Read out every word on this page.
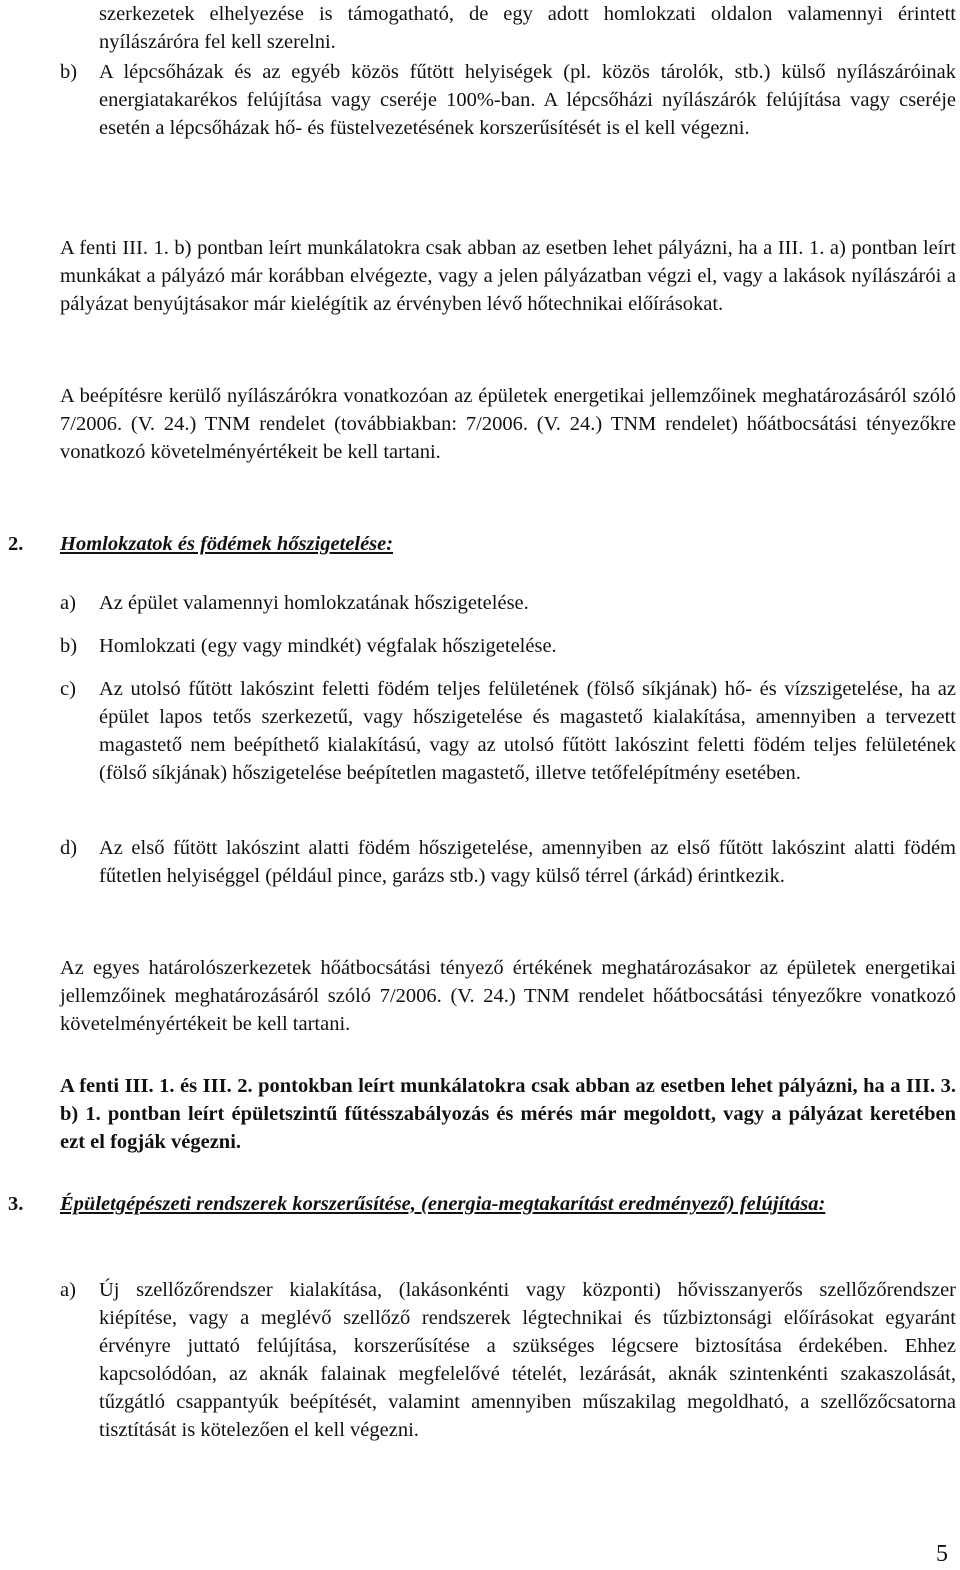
szerkezetek elhelyezése is támogatható, de egy adott homlokzati oldalon valamennyi érintett nyílászáróra fel kell szerelni.

b) A lépcsőházak és az egyéb közös fűtött helyiségek (pl. közös tárolók, stb.) külső nyílászáróinak energiatakarékos felújítása vagy cseréje 100%-ban. A lépcsőházi nyílászárók felújítása vagy cseréje esetén a lépcsőházak hő- és füstelvezetésének korszerűsítését is el kell végezni.

A fenti III. 1. b) pontban leírt munkálatokra csak abban az esetben lehet pályázni, ha a III. 1. a) pontban leírt munkákat a pályázó már korábban elvégezte, vagy a jelen pályázatban végzi el, vagy a lakások nyílászárói a pályázat benyújtásakor már kielégítik az érvényben lévő hőtechnikai előírásokat.

A beépítésre kerülő nyílászárókra vonatkozóan az épületek energetikai jellemzőinek meghatározásáról szóló 7/2006. (V. 24.) TNM rendelet (továbbiakban: 7/2006. (V. 24.) TNM rendelet) hőátbocsátási tényezőkre vonatkozó követelményértékeit be kell tartani.

2. Homlokzatok és födémek hőszigetelése:

a) Az épület valamennyi homlokzatának hőszigetelése.

b) Homlokzati (egy vagy mindkét) végfalak hőszigetelése.

c) Az utolsó fűtött lakószint feletti födém teljes felületének (fölső síkjának) hő- és vízszigetelése, ha az épület lapos tetős szerkezetű, vagy hőszigetelése és magastető kialakítása, amennyiben a tervezett magastető nem beépíthető kialakítású, vagy az utolsó fűtött lakószint feletti födém teljes felületének (fölső síkjának) hőszigetelése beépítetlen magastető, illetve tetőfelépítmény esetében.

d) Az első fűtött lakószint alatti födém hőszigetelése, amennyiben az első fűtött lakószint alatti födém fűtetlen helyiséggel (például pince, garázs stb.) vagy külső térrel (árkád) érintkezik.

Az egyes határolószerkezetek hőátbocsátási tényező értékének meghatározásakor az épületek energetikai jellemzőinek meghatározásáról szóló 7/2006. (V. 24.) TNM rendelet hőátbocsátási tényezőkre vonatkozó követelményértékeit be kell tartani.

A fenti III. 1. és III. 2. pontokban leírt munkálatokra csak abban az esetben lehet pályázni, ha a III. 3. b) 1. pontban leírt épületszintű fűtésszabályozás és mérés már megoldott, vagy a pályázat keretében ezt el fogják végezni.

3. Épületgépészeti rendszerek korszerűsítése, (energia-megtakarítást eredményező) felújítása:

a) Új szellőzőrendszer kialakítása, (lakásonkénti vagy központi) hővisszanyerős szellőzőrendszer kiépítése, vagy a meglévő szellőző rendszerek légtechnikai és tűzbiztonsági előírásokat egyaránt érvényre juttató felújítása, korszerűsítése a szükséges légcsere biztosítása érdekében. Ehhez kapcsolódóan, az aknák falainak megfelelővé tételét, lezárását, aknák szintenkénti szakaszolását, tűzgátló csappantyúk beépítését, valamint amennyiben műszakilag megoldható, a szellőzőcsatorna tisztítását is kötelezően el kell végezni.

5
